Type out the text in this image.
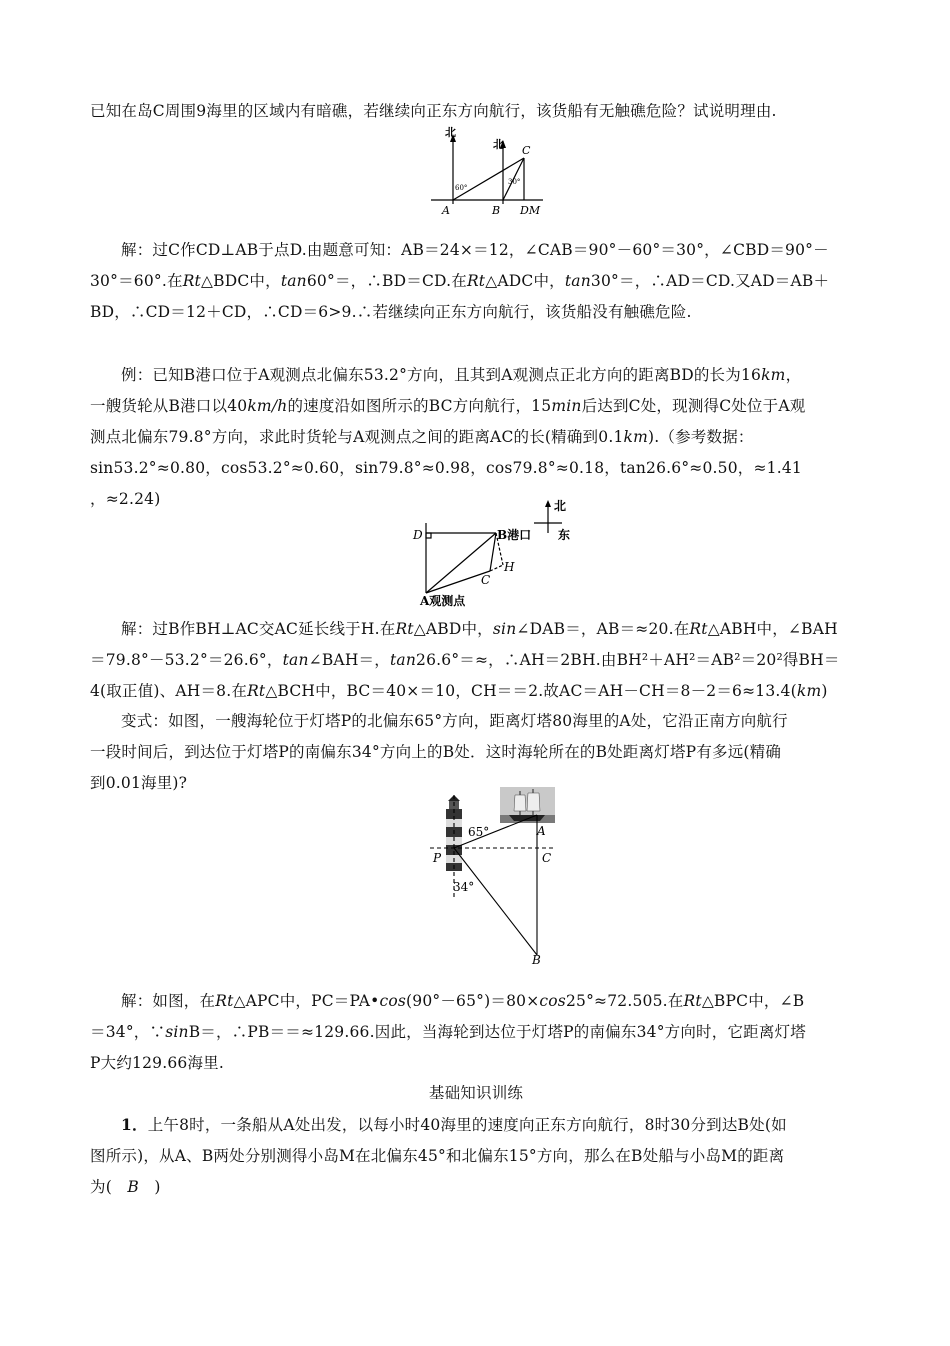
已知在岛C周围9海里的区域内有暗礁，若继续向正东方向航行，该货船有无触礁危险？试说明理由.

北
北
60°
30°
A	B
C
DM

解：过C作CD⊥AB于点D.由题意可知：AB＝24×＝12，∠CAB＝90°－60°＝30°，∠CBD＝90°－
30°＝60°.在Rt△BDC中，tan60°＝，∴BD＝CD.在Rt△ADC中，tan30°＝，∴AD＝CD.又AD＝AB＋
BD，∴CD＝12＋CD，∴CD＝6>9.∴若继续向正东方向航行，该货船没有触礁危险.

例：已知B港口位于A观测点北偏东53.2°方向，且其到A观测点正北方向的距离BD的长为16km，
一艘货轮从B港口以40km/h的速度沿如图所示的BC方向航行，15min后达到C处，现测得C处位于A观
测点北偏东79.8°方向，求此时货轮与A观测点之间的距离AC的长(精确到0.1km).（参考数据：
sin53.2°≈0.80，cos53.2°≈0.60，sin79.8°≈0.98，cos79.8°≈0.18，tan26.6°≈0.50，≈1.41
，≈2.24)	北
东
D	B港口
H
C
A观测点

解：过B作BH⊥AC交AC延长线于H.在Rt△ABD中，sin∠DAB＝，AB＝≈20.在Rt△ABH中，∠BAH
＝79.8°－53.2°＝26.6°，tan∠BAH＝，tan26.6°＝≈，∴AH＝2BH.由BH²＋AH²＝AB²＝20²得BH＝
4(取正值)、AH＝8.在Rt△BCH中，BC＝40×＝10，CH＝＝2.故AC＝AH－CH＝8－2＝6≈13.4(km)

变式：如图，一艘海轮位于灯塔P的北偏东65°方向，距离灯塔80海里的A处，它沿正南方向航行
一段时间后，到达位于灯塔P的南偏东34°方向上的B处．这时海轮所在的B处距离灯塔P有多远(精确
到0.01海里)?

65°
34°
A
P	C
B

解：如图，在Rt△APC中，PC＝PA•cos(90°－65°)＝80×cos25°≈72.505.在Rt△BPC中，∠B
＝34°，∵sinB＝，∴PB＝＝≈129.66.因此，当海轮到达位于灯塔P的南偏东34°方向时，它距离灯塔
P大约129.66海里.

基础知识训练

1．上午8时，一条船从A处出发，以每小时40海里的速度向正东方向航行，8时30分到达B处(如
图所示)，从A、B两处分别测得小岛M在北偏东45°和北偏东15°方向，那么在B处船与小岛M的距离
为( B )
